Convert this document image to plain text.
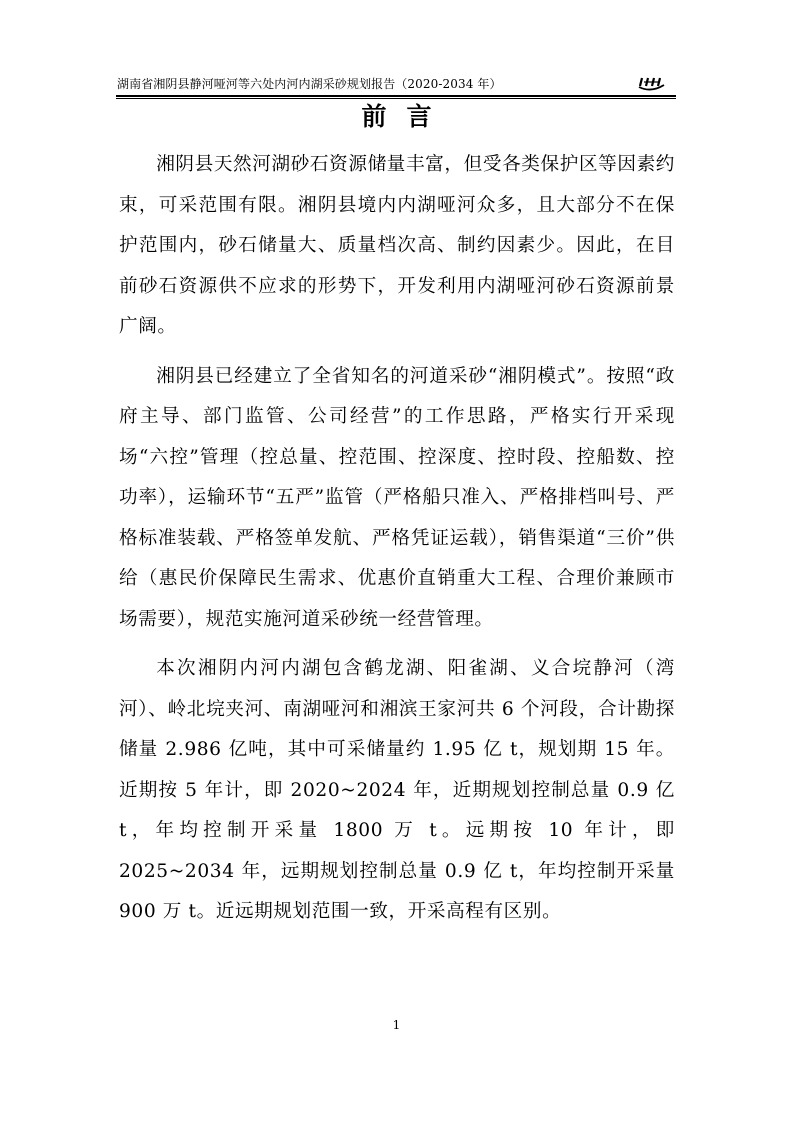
湖南省湘阴县静河哑河等六处内河内湖采砂规划报告（2020-2034 年）
前言

湘阴县天然河湖砂石资源储量丰富，但受各类保护区等因素约束，可采范围有限。湘阴县境内内湖哑河众多，且大部分不在保护范围内，砂石储量大、质量档次高、制约因素少。因此，在目前砂石资源供不应求的形势下，开发利用内湖哑河砂石资源前景广阔。

湘阴县已经建立了全省知名的河道采砂“湘阴模式”。按照“政府主导、部门监管、公司经营”的工作思路，严格实行开采现场“六控”管理（控总量、控范围、控深度、控时段、控船数、控功率），运输环节“五严”监管（严格船只准入、严格排档叫号、严格标准装载、严格签单发航、严格凭证运载），销售渠道“三价”供给（惠民价保障民生需求、优惠价直销重大工程、合理价兼顾市场需要），规范实施河道采砂统一经营管理。

本次湘阴内河内湖包含鹤龙湖、阳雀湖、义合垸静河（湾河）、岭北垸夹河、南湖哑河和湘滨王家河共 6 个河段，合计勘探储量 2.986 亿吨，其中可采储量约 1.95 亿 t，规划期 15 年。近期按 5 年计，即 2020~2024 年，近期规划控制总量 0.9 亿 t，年均控制开采量 1800 万 t。远期按 10 年计，即 2025~2034 年，远期规划控制总量 0.9 亿 t，年均控制开采量 900 万 t。近远期规划范围一致，开采高程有区别。

1
